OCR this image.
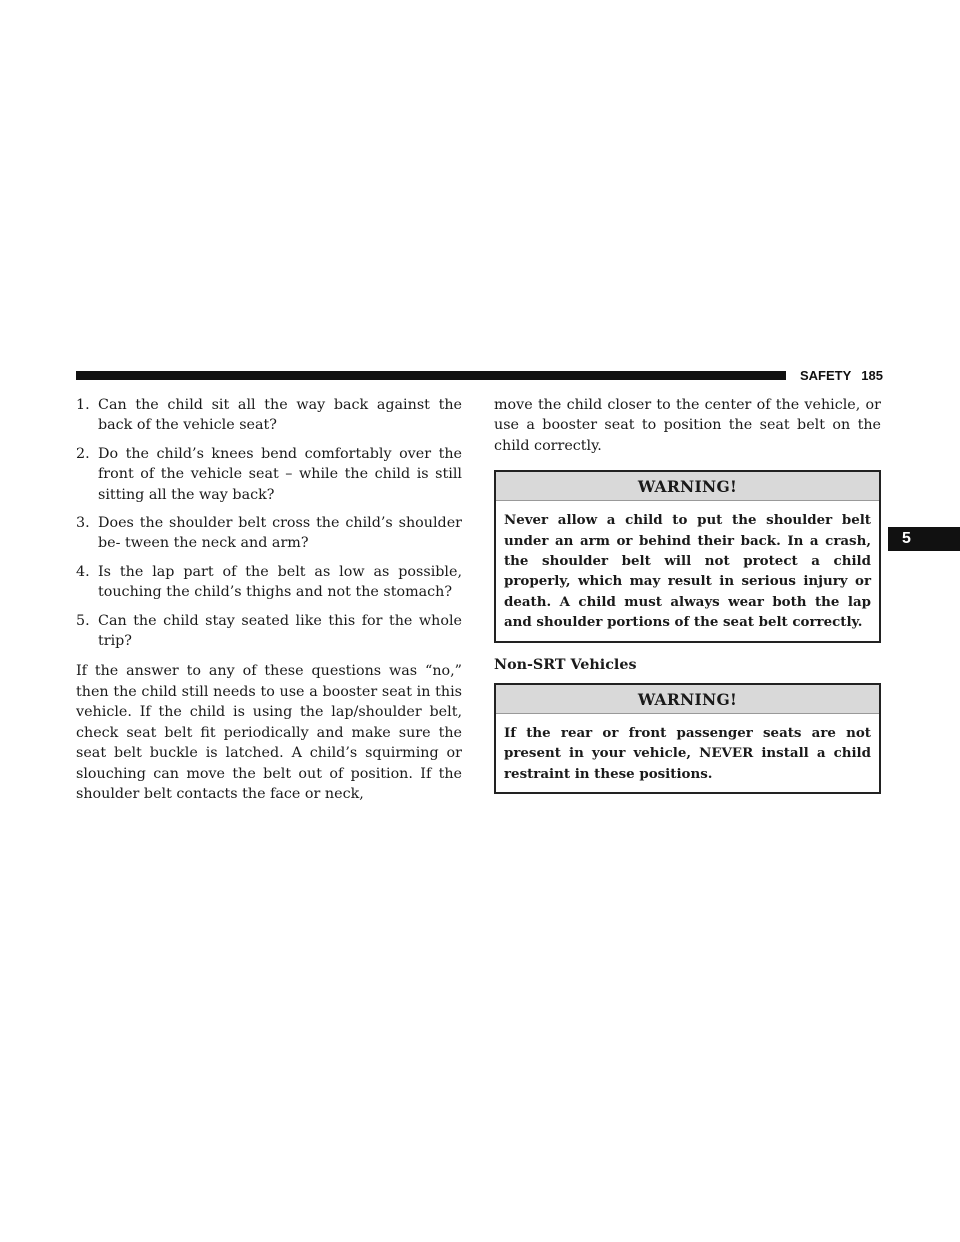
SAFETY 185
5
1. Can the child sit all the way back against the back of the vehicle seat?
2. Do the child’s knees bend comfortably over the front of the vehicle seat – while the child is still sitting all the way back?
3. Does the shoulder belt cross the child’s shoulder be- tween the neck and arm?
4. Is the lap part of the belt as low as possible, touching the child’s thighs and not the stomach?
5. Can the child stay seated like this for the whole trip?

If the answer to any of these questions was “no,” then the child still needs to use a booster seat in this vehicle. If the child is using the lap/shoulder belt, check seat belt fit periodically and make sure the seat belt buckle is latched. A child’s squirming or slouching can move the belt out of position. If the shoulder belt contacts the face or neck,

move the child closer to the center of the vehicle, or use a booster seat to position the seat belt on the child correctly.

WARNING!
Never allow a child to put the shoulder belt under an arm or behind their back. In a crash, the shoulder belt will not protect a child properly, which may result in serious injury or death. A child must always wear both the lap and shoulder portions of the seat belt correctly.
Non-SRT Vehicles
WARNING!
If the rear or front passenger seats are not present in your vehicle, NEVER install a child restraint in these positions.
